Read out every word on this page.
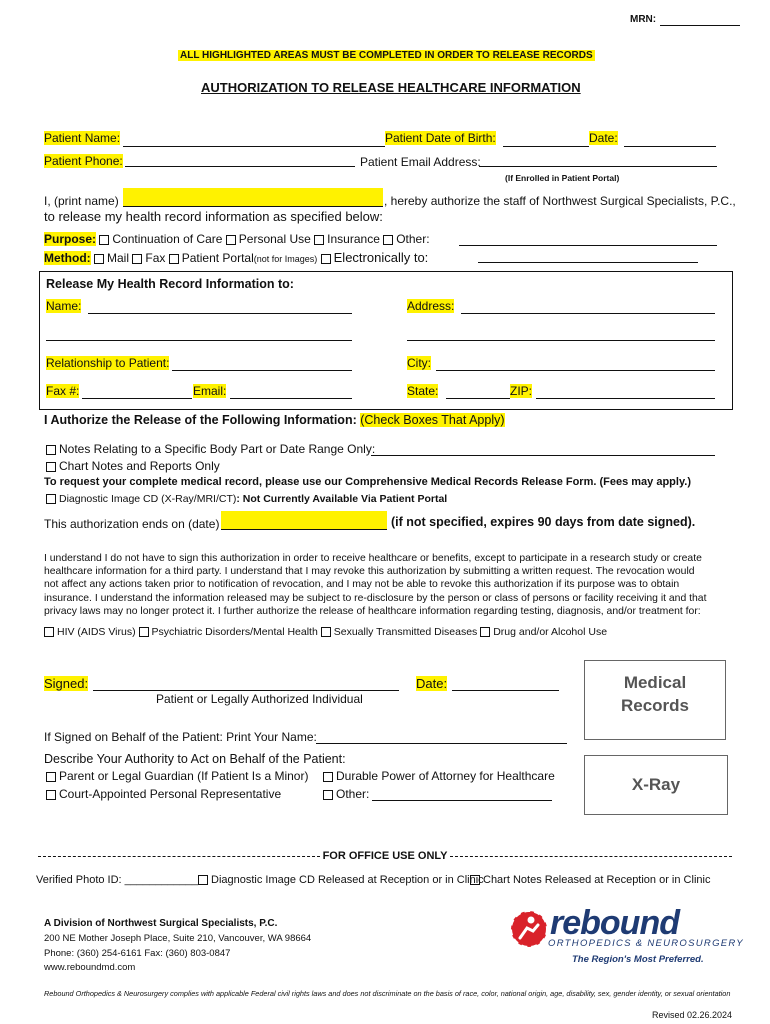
MRN:
ALL HIGHLIGHTED AREAS MUST BE COMPLETED IN ORDER TO RELEASE RECORDS
AUTHORIZATION TO RELEASE HEALTHCARE INFORMATION
Patient Name:	Patient Date of Birth:	Date:
Patient Phone:	Patient Email Address:
(If Enrolled in Patient Portal)
I, (print name)	, hereby authorize the staff of Northwest Surgical Specialists, P.C.,
to release my health record information as specified below:
Purpose: Continuation of Care Personal Use Insurance Other:
Method: Mail Fax Patient Portal(not for Images) Electronically to:
Release My Health Record Information to:
Name:	Address:
Relationship to Patient:	City:
Fax #:	Email:	State:	ZIP:
I Authorize the Release of the Following Information: (Check Boxes That Apply)
Notes Relating to a Specific Body Part or Date Range Only:
Chart Notes and Reports Only
To request your complete medical record, please use our Comprehensive Medical Records Release Form. (Fees may apply.)
Diagnostic Image CD (X-Ray/MRI/CT): Not Currently Available Via Patient Portal
This authorization ends on (date)	(if not specified, expires 90 days from date signed).
I understand I do not have to sign this authorization in order to receive healthcare or benefits, except to participate in a research study or create
healthcare information for a third party. I understand that I may revoke this authorization by submitting a written request. The revocation would
not affect any actions taken prior to notification of revocation, and I may not be able to revoke this authorization if its purpose was to obtain
insurance. I understand the information released may be subject to re-disclosure by the person or class of persons or facility receiving it and that
privacy laws may no longer protect it. I further authorize the release of healthcare information regarding testing, diagnosis, and/or treatment for:
HIV (AIDS Virus) Psychiatric Disorders/Mental Health Sexually Transmitted Diseases Drug and/or Alcohol Use
Signed:	Date:
Patient or Legally Authorized Individual
If Signed on Behalf of the Patient: Print Your Name:
Describe Your Authority to Act on Behalf of the Patient:
Parent or Legal Guardian (If Patient Is a Minor)	Durable Power of Attorney for Healthcare
Court-Appointed Personal Representative	Other:
Medical
Records
X-Ray
FOR OFFICE USE ONLY
Verified Photo ID: ____________	Diagnostic Image CD Released at Reception or in Clinic Chart Notes Released at Reception or in Clinic
A Division of Northwest Surgical Specialists, P.C.
200 NE Mother Joseph Place, Suite 210, Vancouver, WA 98664
Phone: (360) 254-6161 Fax: (360) 803-0847
www.reboundmd.com
rebound
ORTHOPEDICS & NEUROSURGERY
The Region's Most Preferred.
Rebound Orthopedics & Neurosurgery complies with applicable Federal civil rights laws and does not discriminate on the basis of race, color, national origin, age, disability, sex, gender identity, or sexual orientation
Revised 02.26.2024
